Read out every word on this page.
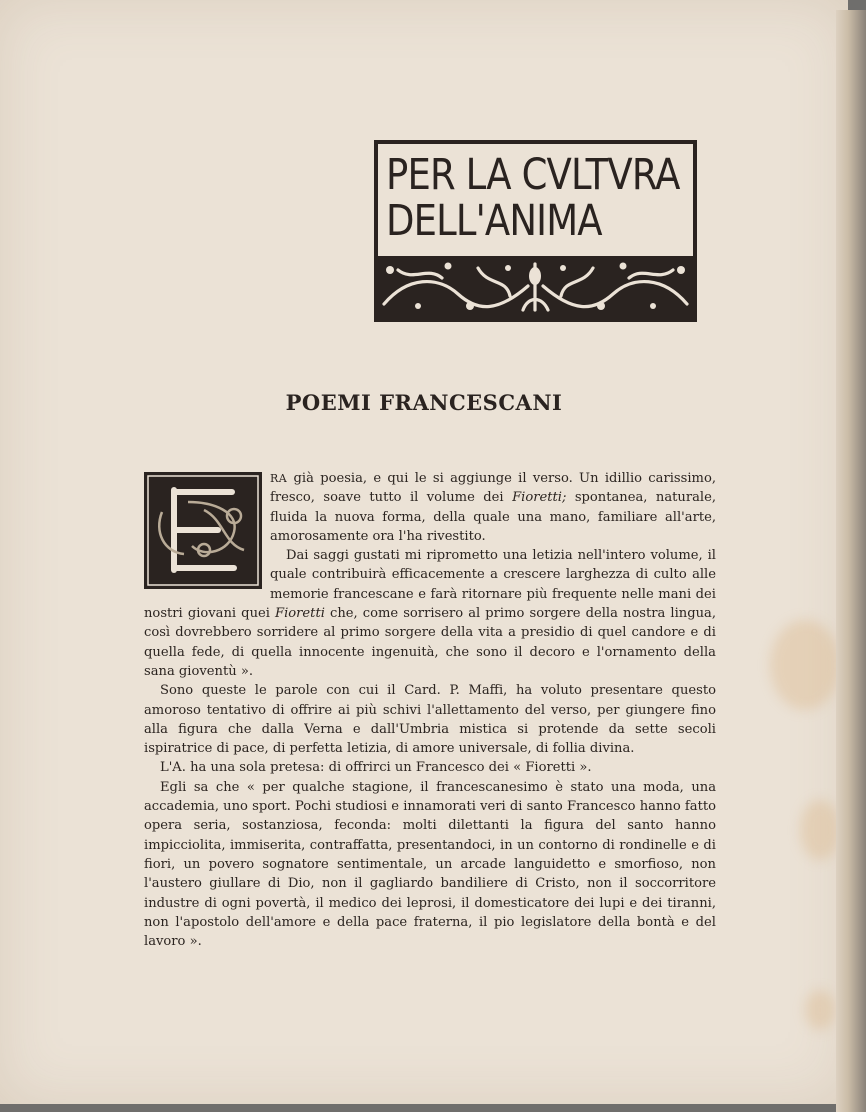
PER LA CVLTVRA
DELL'ANIMA
POEMI FRANCESCANI

RA già poesia, e qui le si aggiunge il verso. Un idillio carissimo, fresco, soave tutto il volume dei Fioretti; spontanea, naturale, fluida la nuova forma, della quale una mano, familiare all'arte, amorosamente ora l'ha rivestito.

Dai saggi gustati mi riprometto una letizia nell'intero volume, il quale contribuirà efficacemente a crescere larghezza di culto alle memorie francescane e farà ritornare più frequente nelle mani dei nostri giovani quei Fioretti che, come sorrisero al primo sorgere della nostra lingua, così dovrebbero sorridere al primo sorgere della vita a presidio di quel candore e di quella fede, di quella innocente ingenuità, che sono il decoro e l'ornamento della sana gioventù ».

Sono queste le parole con cui il Card. P. Maffi, ha voluto presentare questo amoroso tentativo di offrire ai più schivi l'allettamento del verso, per giungere fino alla figura che dalla Verna e dall'Umbria mistica si protende da sette secoli ispiratrice di pace, di perfetta letizia, di amore universale, di follia divina.

L'A. ha una sola pretesa: di offrirci un Francesco dei « Fioretti ».

Egli sa che « per qualche stagione, il francescanesimo è stato una moda, una accademia, uno sport. Pochi studiosi e innamorati veri di santo Francesco hanno fatto opera seria, sostanziosa, feconda: molti dilettanti la figura del santo hanno impicciolita, immiserita, contraffatta, presentandoci, in un contorno di rondinelle e di fiori, un povero sognatore sentimentale, un arcade languidetto e smorfioso, non l'austero giullare di Dio, non il gagliardo bandiliere di Cristo, non il soccorritore industre di ogni povertà, il medico dei leprosi, il domesticatore dei lupi e dei tiranni, non l'apostolo dell'amore e della pace fraterna, il pio legislatore della bontà e del lavoro ».
